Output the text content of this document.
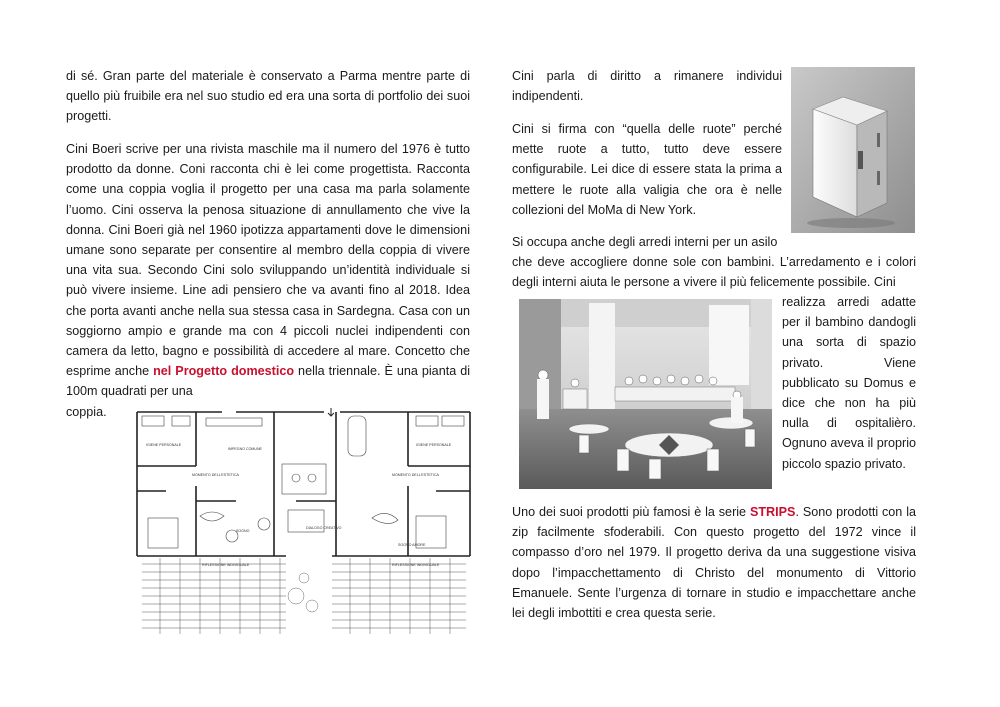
di sé. Gran parte del materiale è conservato a Parma mentre parte di quello più fruibile era nel suo studio ed era una sorta di portfolio dei suoi progetti.

Cini Boeri scrive per una rivista maschile ma il numero del 1976 è tutto prodotto da donne. Coni racconta chi è lei come progettista. Racconta come una coppia voglia il progetto per una casa ma parla solamente l’uomo. Cini osserva la penosa situazione di annullamento che vive la donna. Cini Boeri già nel 1960 ipotizza appartamenti dove le dimensioni umane sono separate per consentire al membro della coppia di vivere una vita sua. Secondo Cini solo sviluppando un’identità individuale si può vivere insieme. Line adi pensiero che va avanti fino al 2018. Idea che porta avanti anche nella sua stessa casa in Sardegna. Casa con un soggiorno ampio e grande ma con 4 piccoli nuclei indipendenti con camera da letto, bagno e possibilità di accedere al mare. Concetto che esprime anche nel Progetto domestico nella triennale. È una pianta di 100m quadrati per una
coppia.

IGIENE PERSONALE
IMPEGNO COMUNE
IGIENE PERSONALE
MOMENTO DELL'ESTETICA	MOMENTO DELL'ESTETICA
SOGNO
DIALOGO CREATIVO
SOGNO AMORE
RIFLESSIONE INDIVIDUALE	RIFLESSIONE INDIVIDUALE

Cini parla di diritto a rimanere individui indipendenti.

Cini si firma con “quella delle ruote” perché mette ruote a tutto, tutto deve essere configurabile. Lei dice di essere stata la prima a mettere le ruote alla valigia che ora è nelle collezioni del MoMa di New York.

Si occupa anche degli arredi interni per un asilo

che deve accogliere donne sole con bambini. L’arredamento e i colori degli interni aiuta le persone a vivere il più felicemente possibile. Cini

realizza arredi adatte per il bambino dandogli una sorta di spazio privato. Viene pubblicato su Domus e dice che non ha più nulla di ospitalièro. Ognuno aveva il proprio piccolo spazio privato.

Uno dei suoi prodotti più famosi è la serie STRIPS. Sono prodotti con la zip facilmente sfoderabili. Con questo progetto del 1972 vince il compasso d’oro nel 1979. Il progetto deriva da una suggestione visiva dopo l’impacchettamento di Christo del monumento di Vittorio Emanuele. Sente l’urgenza di tornare in studio e impacchettare anche lei degli imbottiti e crea questa serie.
